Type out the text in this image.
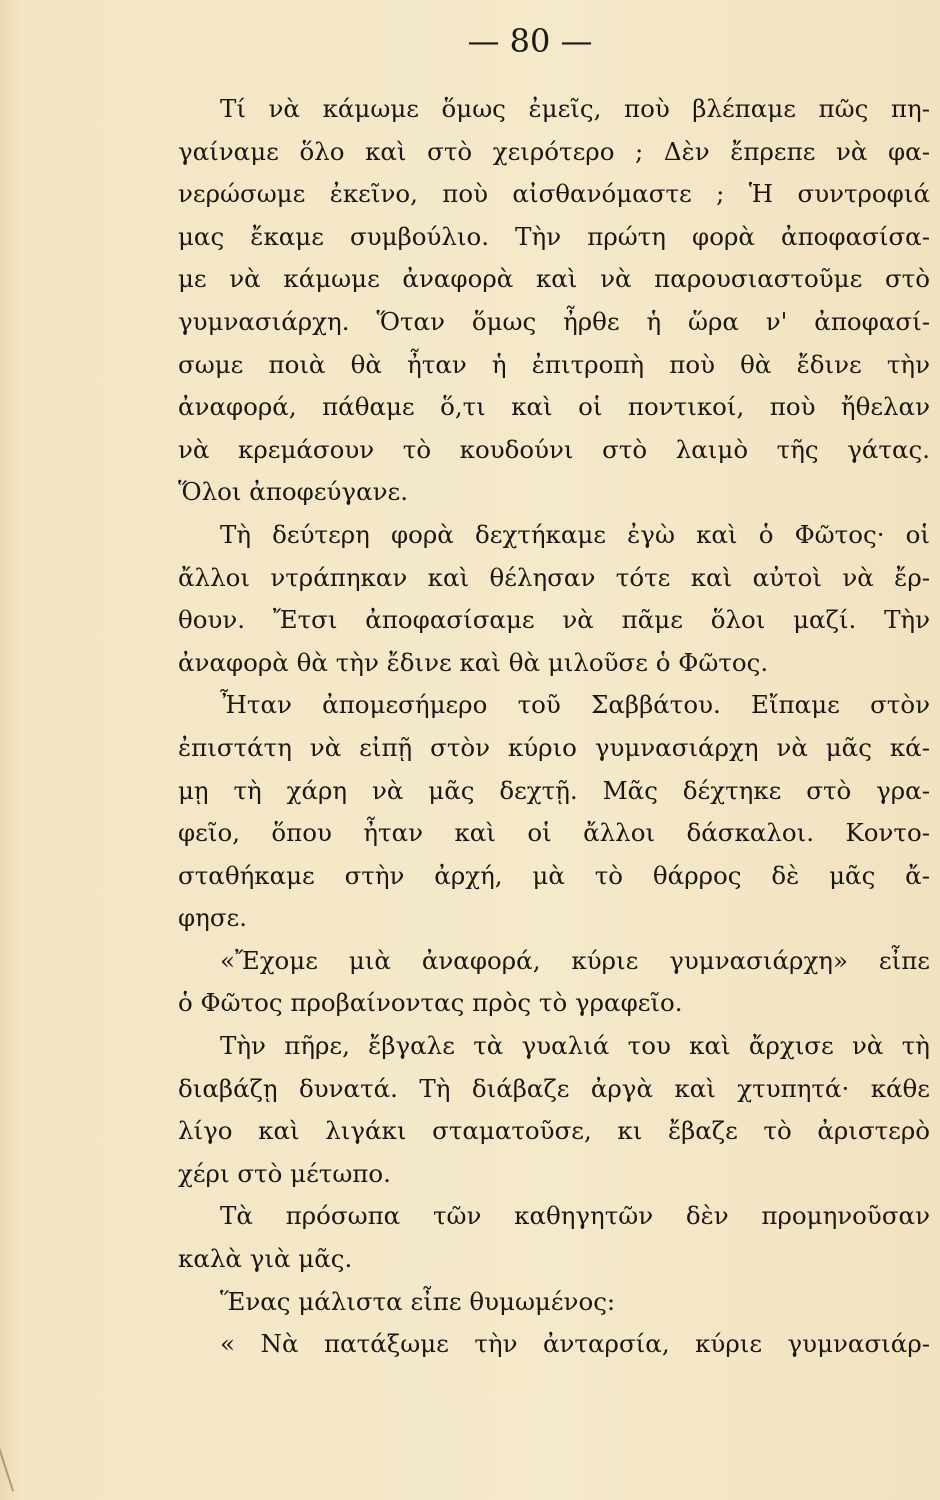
— 80 —
Τί νὰ κάμωμε ὅμως ἐμεῖς, ποὺ βλέπαμε πῶς πη-
γαίναμε ὅλο καὶ στὸ χειρότερο ; Δὲν ἔπρεπε νὰ φα-
νερώσωμε ἐκεῖνο, ποὺ αἰσθανόμαστε ; Ἡ συντροφιά
μας ἔκαμε συμβούλιο. Τὴν πρώτη φορὰ ἀποφασίσα-
με νὰ κάμωμε ἀναφορὰ καὶ νὰ παρουσιαστοῦμε στὸ
γυμνασιάρχη. Ὅταν ὅμως ἦρθε ἡ ὥρα ν' ἀποφασί-
σωμε ποιὰ θὰ ἦταν ἡ ἐπιτροπὴ ποὺ θὰ ἔδινε τὴν
ἀναφορά, πάθαμε ὅ,τι καὶ οἱ ποντικοί, ποὺ ἤθελαν
νὰ κρεμάσουν τὸ κουδούνι στὸ λαιμὸ τῆς γάτας.
Ὅλοι ἀποφεύγανε.
Τὴ δεύτερη φορὰ δεχτήκαμε ἐγὼ καὶ ὁ Φῶτος· οἱ
ἄλλοι ντράπηκαν καὶ θέλησαν τότε καὶ αὐτοὶ νὰ ἔρ-
θουν. Ἔτσι ἀποφασίσαμε νὰ πᾶμε ὅλοι μαζί. Τὴν
ἀναφορὰ θὰ τὴν ἔδινε καὶ θὰ μιλοῦσε ὁ Φῶτος.
Ἦταν ἀπομεσήμερο τοῦ Σαββάτου. Εἴπαμε στὸν
ἐπιστάτη νὰ εἰπῇ στὸν κύριο γυμνασιάρχη νὰ μᾶς κά-
μῃ τὴ χάρη νὰ μᾶς δεχτῇ. Μᾶς δέχτηκε στὸ γρα-
φεῖο, ὅπου ἦταν καὶ οἱ ἄλλοι δάσκαλοι. Κοντο-
σταθήκαμε στὴν ἀρχή, μὰ τὸ θάρρος δὲ μᾶς ἄ-
φησε.
«Ἔχομε μιὰ ἀναφορά, κύριε γυμνασιάρχη» εἶπε
ὁ Φῶτος προβαίνοντας πρὸς τὸ γραφεῖο.
Τὴν πῆρε, ἔβγαλε τὰ γυαλιά του καὶ ἄρχισε νὰ τὴ
διαβάζῃ δυνατά. Τὴ διάβαζε ἀργὰ καὶ χτυπητά· κάθε
λίγο καὶ λιγάκι σταματοῦσε, κι ἔβαζε τὸ ἀριστερὸ
χέρι στὸ μέτωπο.
Τὰ πρόσωπα τῶν καθηγητῶν δὲν προμηνοῦσαν
καλὰ γιὰ μᾶς.
Ἕνας μάλιστα εἶπε θυμωμένος:
« Νὰ πατάξωμε τὴν ἀνταρσία, κύριε γυμνασιάρ-
